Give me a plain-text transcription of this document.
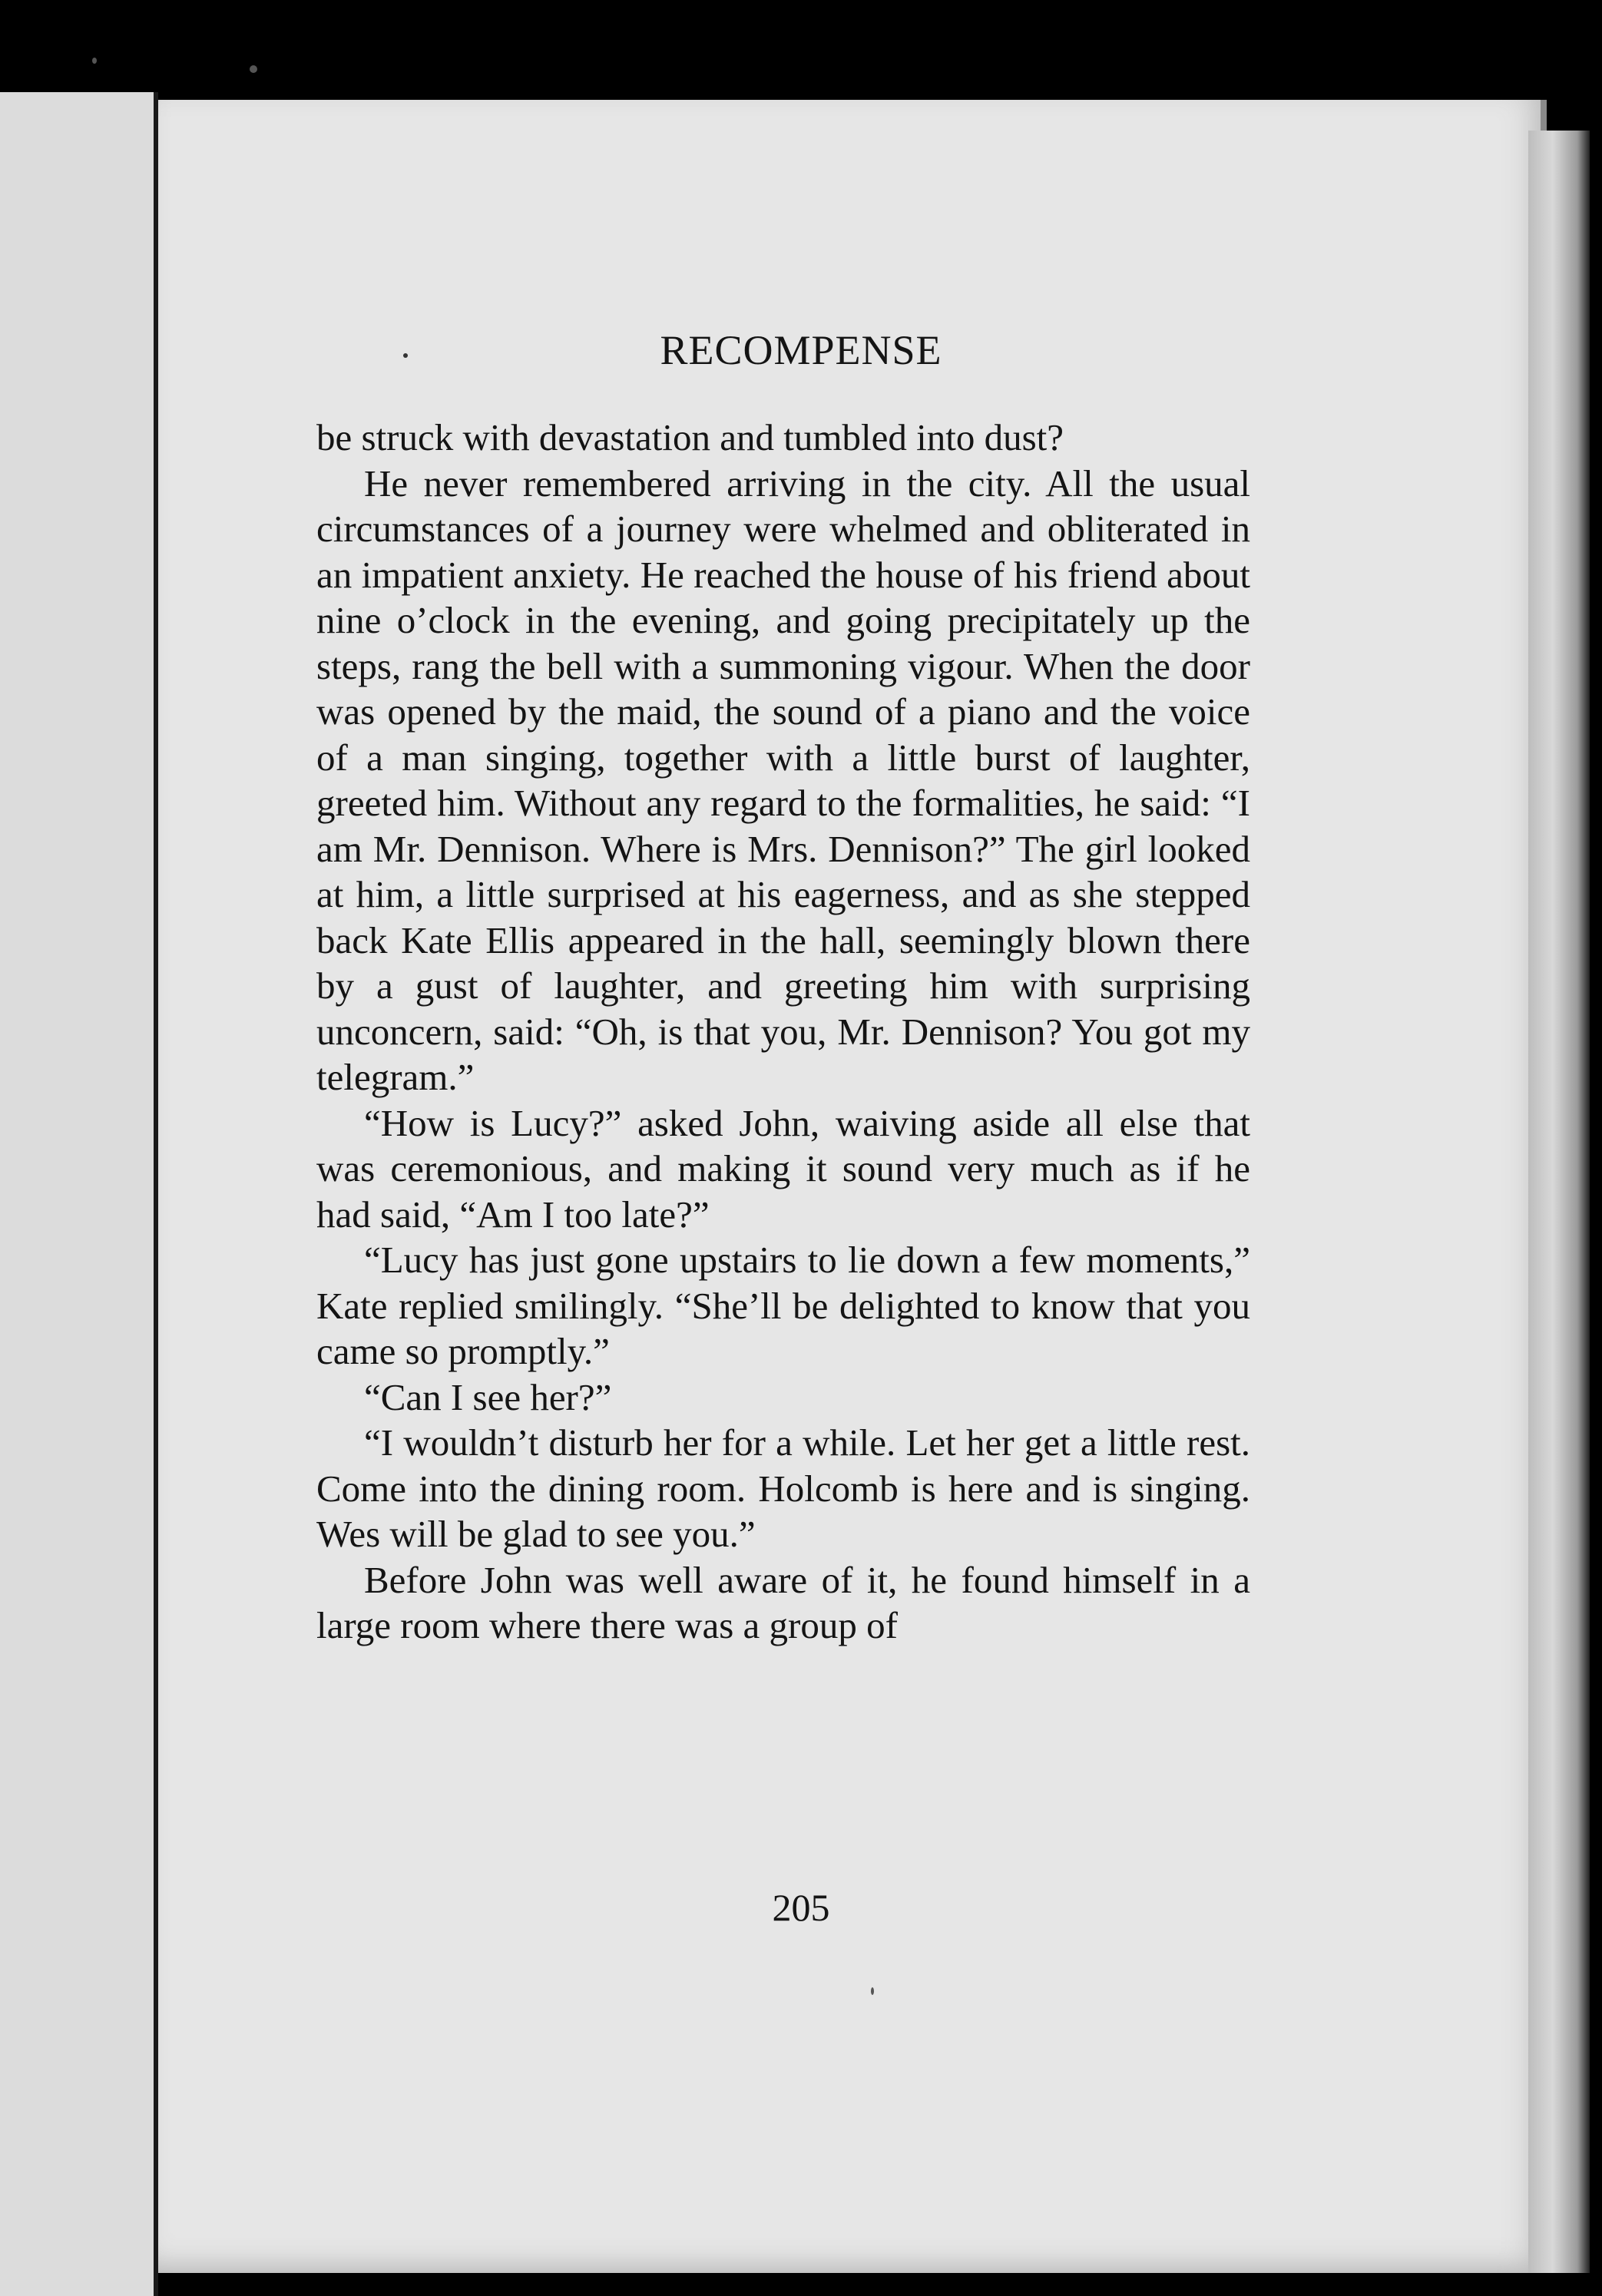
RECOMPENSE

be struck with devastation and tumbled into dust?

He never remembered arriving in the city. All the usual circumstances of a journey were whelmed and obliterated in an impatient anxiety. He reached the house of his friend about nine o’clock in the evening, and going precipitately up the steps, rang the bell with a summoning vigour. When the door was opened by the maid, the sound of a piano and the voice of a man singing, together with a little burst of laughter, greeted him. Without any regard to the formalities, he said: “I am Mr. Dennison. Where is Mrs. Dennison?” The girl looked at him, a little surprised at his eagerness, and as she stepped back Kate Ellis appeared in the hall, seemingly blown there by a gust of laughter, and greeting him with surprising unconcern, said: “Oh, is that you, Mr. Dennison? You got my telegram.”

“How is Lucy?” asked John, waiving aside all else that was ceremonious, and making it sound very much as if he had said, “Am I too late?”

“Lucy has just gone upstairs to lie down a few moments,” Kate replied smilingly. “She’ll be delighted to know that you came so promptly.”

“Can I see her?”

“I wouldn’t disturb her for a while. Let her get a little rest. Come into the dining room. Holcomb is here and is singing. Wes will be glad to see you.”

Before John was well aware of it, he found himself in a large room where there was a group of

205
